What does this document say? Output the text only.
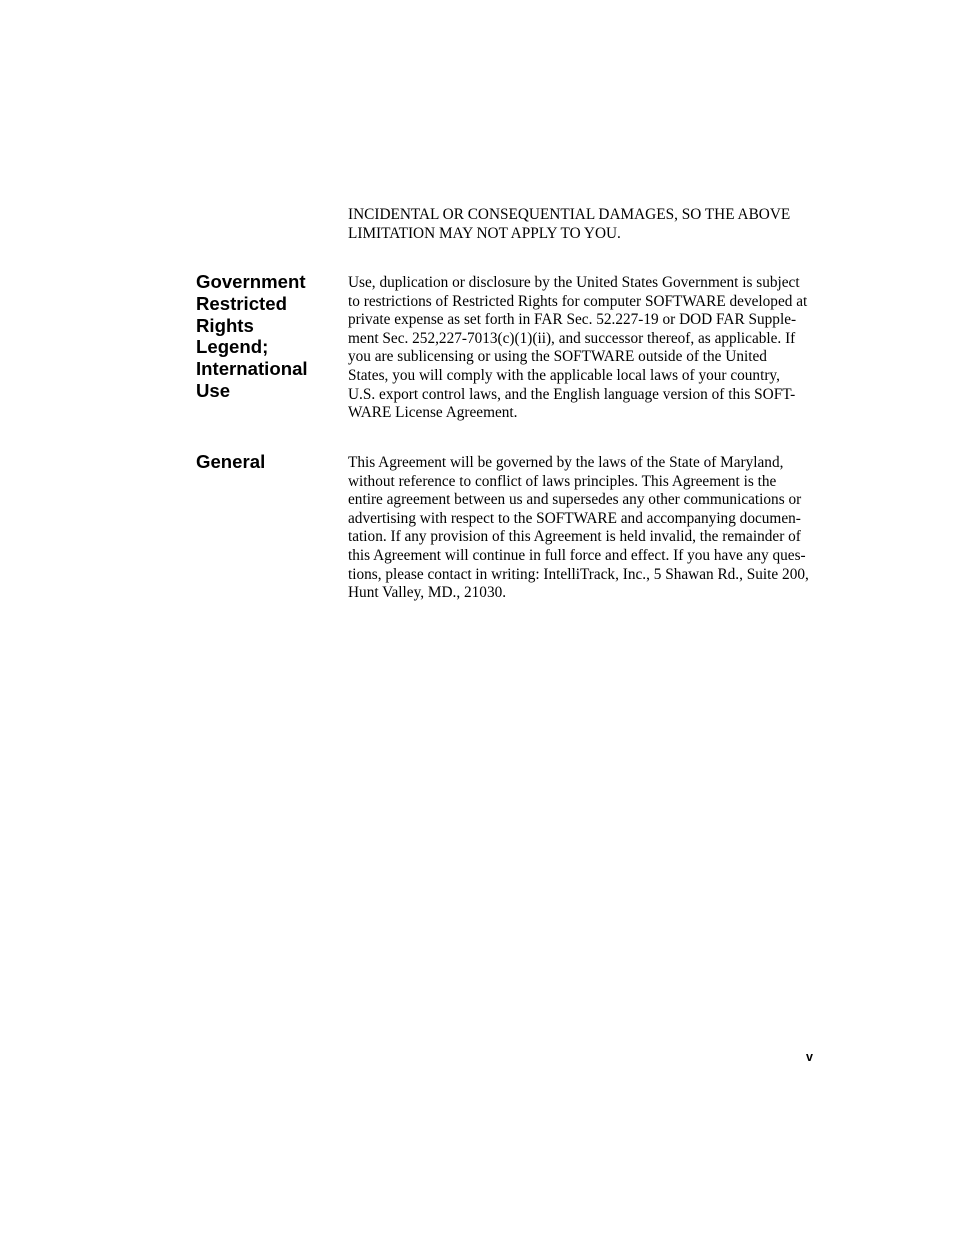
INCIDENTAL OR CONSEQUENTIAL DAMAGES, SO THE ABOVE
LIMITATION MAY NOT APPLY TO YOU.

Government
Restricted
Rights
Legend;
International
Use

Use, duplication or disclosure by the United States Government is subject
to restrictions of Restricted Rights for computer SOFTWARE developed at
private expense as set forth in FAR Sec. 52.227-19 or DOD FAR Supple-
ment Sec. 252,227-7013(c)(1)(ii), and successor thereof, as applicable. If
you are sublicensing or using the SOFTWARE outside of the United
States, you will comply with the applicable local laws of your country,
U.S. export control laws, and the English language version of this SOFT-
WARE License Agreement.

General	This Agreement will be governed by the laws of the State of Maryland,
without reference to conflict of laws principles. This Agreement is the
entire agreement between us and supersedes any other communications or
advertising with respect to the SOFTWARE and accompanying documen-
tation. If any provision of this Agreement is held invalid, the remainder of
this Agreement will continue in full force and effect. If you have any ques-
tions, please contact in writing: IntelliTrack, Inc., 5 Shawan Rd., Suite 200,
Hunt Valley, MD., 21030.

v
